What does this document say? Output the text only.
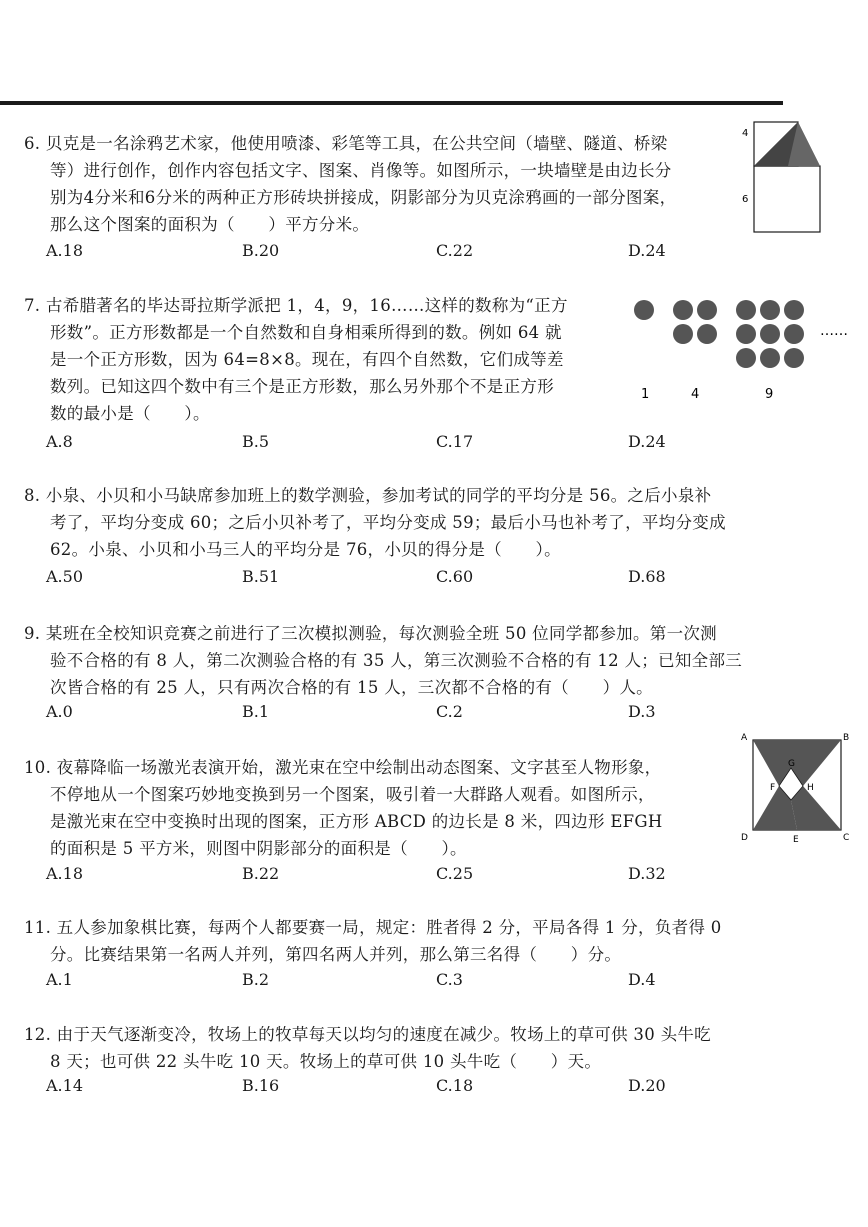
6. 贝克是一名涂鸦艺术家，他使用喷漆、彩笔等工具，在公共空间（墙壁、隧道、桥梁
等）进行创作，创作内容包括文字、图案、肖像等。如图所示，一块墙壁是由边长分
别为4分米和6分米的两种正方形砖块拼接成，阴影部分为贝克涂鸦画的一部分图案，
那么这个图案的面积为（　　）平方分米。
A.18	B.20	C.22	D.24
4
6
7. 古希腊著名的毕达哥拉斯学派把 1，4，9，16……这样的数称为“正方
形数”。正方形数都是一个自然数和自身相乘所得到的数。例如 64 就
是一个正方形数，因为 64=8×8。现在，有四个自然数，它们成等差
数列。已知这四个数中有三个是正方形数，那么另外那个不是正方形
数的最小是（　　）。
A.8	B.5	C.17	D.24
……
1	4	9
8. 小泉、小贝和小马缺席参加班上的数学测验，参加考试的同学的平均分是 56。之后小泉补
考了，平均分变成 60；之后小贝补考了，平均分变成 59；最后小马也补考了，平均分变成
62。小泉、小贝和小马三人的平均分是 76，小贝的得分是（　　）。
A.50	B.51	C.60	D.68
9. 某班在全校知识竞赛之前进行了三次模拟测验，每次测验全班 50 位同学都参加。第一次测
验不合格的有 8 人，第二次测验合格的有 35 人，第三次测验不合格的有 12 人；已知全部三
次皆合格的有 25 人，只有两次合格的有 15 人，三次都不合格的有（　　）人。
A.0	B.1	C.2	D.3
10. 夜幕降临一场激光表演开始，激光束在空中绘制出动态图案、文字甚至人物形象，
不停地从一个图案巧妙地变换到另一个图案，吸引着一大群路人观看。如图所示，
是激光束在空中变换时出现的图案，正方形 ABCD 的边长是 8 米，四边形 EFGH
的面积是 5 平方米，则图中阴影部分的面积是（　　）。
A.18	B.22	C.25	D.32
A	B
C
D	E
F
G
H
11. 五人参加象棋比赛，每两个人都要赛一局，规定：胜者得 2 分，平局各得 1 分，负者得 0
分。比赛结果第一名两人并列，第四名两人并列，那么第三名得（　　）分。
A.1	B.2	C.3	D.4
12. 由于天气逐渐变冷，牧场上的牧草每天以均匀的速度在减少。牧场上的草可供 30 头牛吃
8 天；也可供 22 头牛吃 10 天。牧场上的草可供 10 头牛吃（　　）天。
A.14	B.16	C.18	D.20
